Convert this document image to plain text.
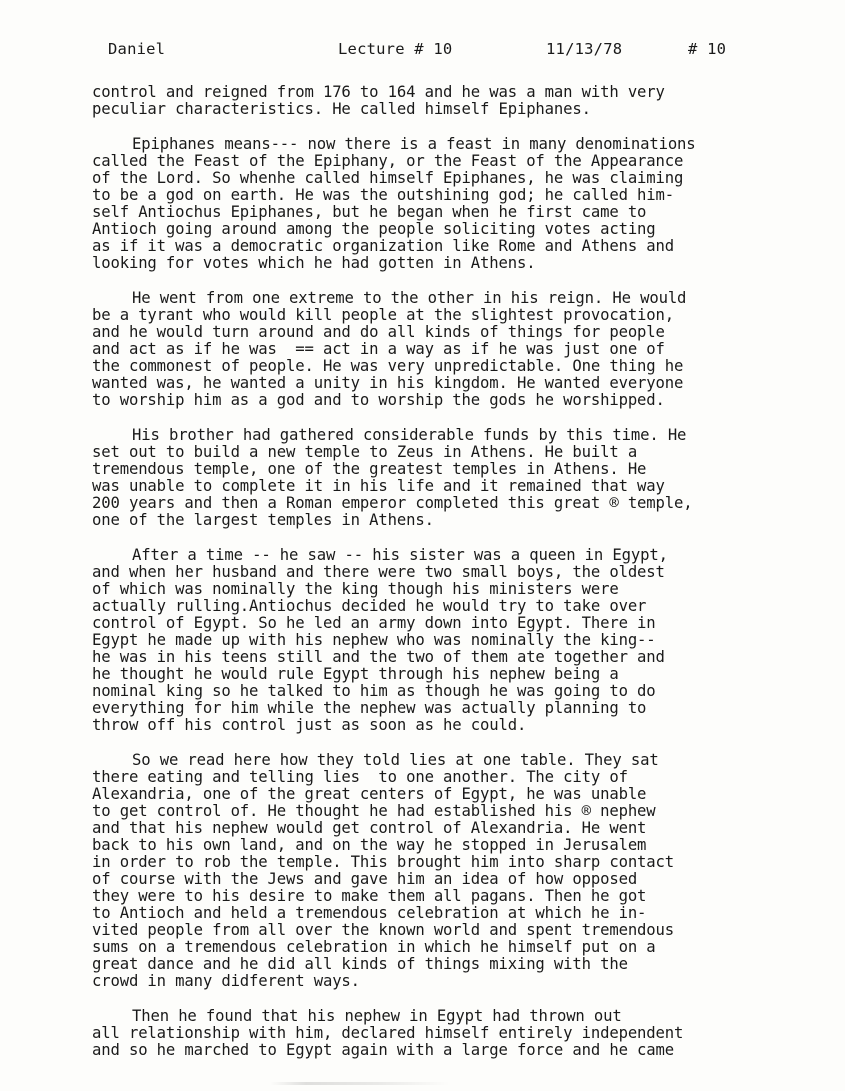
Daniel	Lecture # 10	11/13/78	# 10
control and reigned from 176 to 164 and he was a man with very
peculiar characteristics. He called himself Epiphanes.
Epiphanes means--- now there is a feast in many denominations
called the Feast of the Epiphany, or the Feast of the Appearance
of the Lord. So whenhe called himself Epiphanes, he was claiming
to be a god on earth. He was the outshining god; he called him-
self Antiochus Epiphanes, but he began when he first came to
Antioch going around among the people soliciting votes acting
as if it was a democratic organization like Rome and Athens and
looking for votes which he had gotten in Athens.
He went from one extreme to the other in his reign. He would
be a tyrant who would kill people at the slightest provocation,
and he would turn around and do all kinds of things for people
and act as if he was  == act in a way as if he was just one of
the commonest of people. He was very unpredictable. One thing he
wanted was, he wanted a unity in his kingdom. He wanted everyone
to worship him as a god and to worship the gods he worshipped.
His brother had gathered considerable funds by this time. He
set out to build a new temple to Zeus in Athens. He built a
tremendous temple, one of the greatest temples in Athens. He
was unable to complete it in his life and it remained that way
200 years and then a Roman emperor completed this great ® temple,
one of the largest temples in Athens.
After a time -- he saw -- his sister was a queen in Egypt,
and when her husband and there were two small boys, the oldest
of which was nominally the king though his ministers were
actually rulling.Antiochus decided he would try to take over
control of Egypt. So he led an army down into Egypt. There in
Egypt he made up with his nephew who was nominally the king--
he was in his teens still and the two of them ate together and
he thought he would rule Egypt through his nephew being a
nominal king so he talked to him as though he was going to do
everything for him while the nephew was actually planning to
throw off his control just as soon as he could.
So we read here how they told lies at one table. They sat
there eating and telling lies  to one another. The city of
Alexandria, one of the great centers of Egypt, he was unable
to get control of. He thought he had established his ® nephew
and that his nephew would get control of Alexandria. He went
back to his own land, and on the way he stopped in Jerusalem
in order to rob the temple. This brought him into sharp contact
of course with the Jews and gave him an idea of how opposed
they were to his desire to make them all pagans. Then he got
to Antioch and held a tremendous celebration at which he in-
vited people from all over the known world and spent tremendous
sums on a tremendous celebration in which he himself put on a
great dance and he did all kinds of things mixing with the
crowd in many didferent ways.
Then he found that his nephew in Egypt had thrown out
all relationship with him, declared himself entirely independent
and so he marched to Egypt again with a large force and he came
